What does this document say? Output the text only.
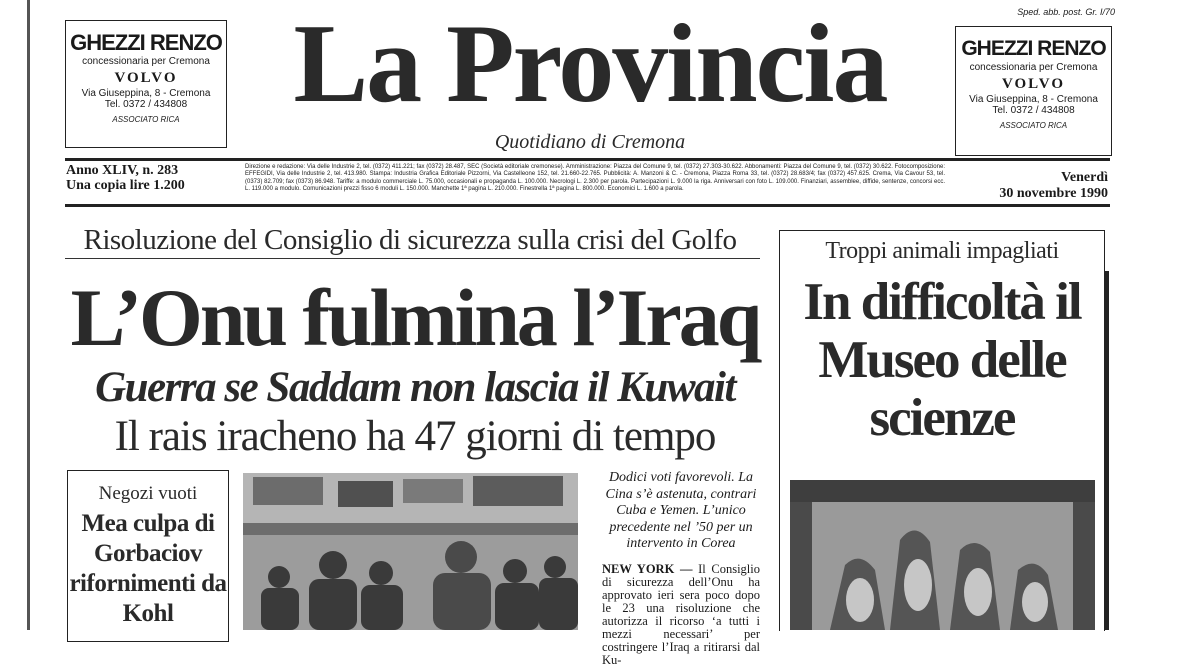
GHEZZI RENZO
concessionaria per Cremona
VOLVO
Via Giuseppina, 8 - Cremona
Tel. 0372 / 434808
ASSOCIATO RICA	La Provincia
Quotidiano di Cremona
Sped. abb. post. Gr. I/70
GHEZZI RENZO
concessionaria per Cremona
VOLVO
Via Giuseppina, 8 - Cremona
Tel. 0372 / 434808
ASSOCIATO RICA
Anno XLIV, n. 283
Una copia lire 1.200
Direzione e redazione: Via delle Industrie 2, tel. (0372) 411.221; fax (0372) 28.487, SEC (Società editoriale cremonese). Amministrazione: Piazza del Comune 9, tel. (0372) 27.303-30.622. Abbonamenti: Piazza del Comune 9, tel. (0372) 30.622. Fotocomposizione: EFFEGIDI, Via delle Industrie 2, tel. 413.980. Stampa: Industria Grafica Editoriale Pizzorni, Via Castelleone 152, tel. 21.660-22.765. Pubblicità: A. Manzoni & C. - Cremona, Piazza Roma 33, tel. (0372) 28.683/4; fax (0372) 457.625. Crema, Via Cavour 53, tel. (0373) 82.709; fax (0373) 86.948. Tariffe: a modulo commerciale L. 75.000, occasionali e propaganda L. 100.000. Necrologi L. 2.300 per parola. Partecipazioni L. 9.000 la riga. Anniversari con foto L. 109.000. Finanziari, assemblee, diffide, sentenze, concorsi ecc. L. 119.000 a modulo. Comunicazioni prezzi fisso 6 moduli L. 150.000. Manchette 1ª pagina L. 210.000. Finestrella 1ª pagina L. 800.000. Economici L. 1.600 a parola.
Venerdì
30 novembre 1990
Risoluzione del Consiglio di sicurezza sulla crisi del Golfo
L’Onu fulmina l’Iraq
Guerra se Saddam non lascia il Kuwait
Il rais iracheno ha 47 giorni di tempo
Negozi vuoti
Mea culpa di Gorbaciov rifornimenti da Kohl
Dodici voti favorevoli. La Cina s’è astenuta, contrari Cuba e Yemen. L’unico precedente nel ’50 per un intervento in Corea
NEW YORK — Il Consiglio di sicurezza dell’Onu ha approvato ieri sera poco dopo le 23 una risoluzione che autorizza il ricorso ‘a tutti i mezzi necessari’ per costringere l’Iraq a ritirarsi dal Ku-
Troppi animali impagliati
In difficoltà il Museo delle scienze
